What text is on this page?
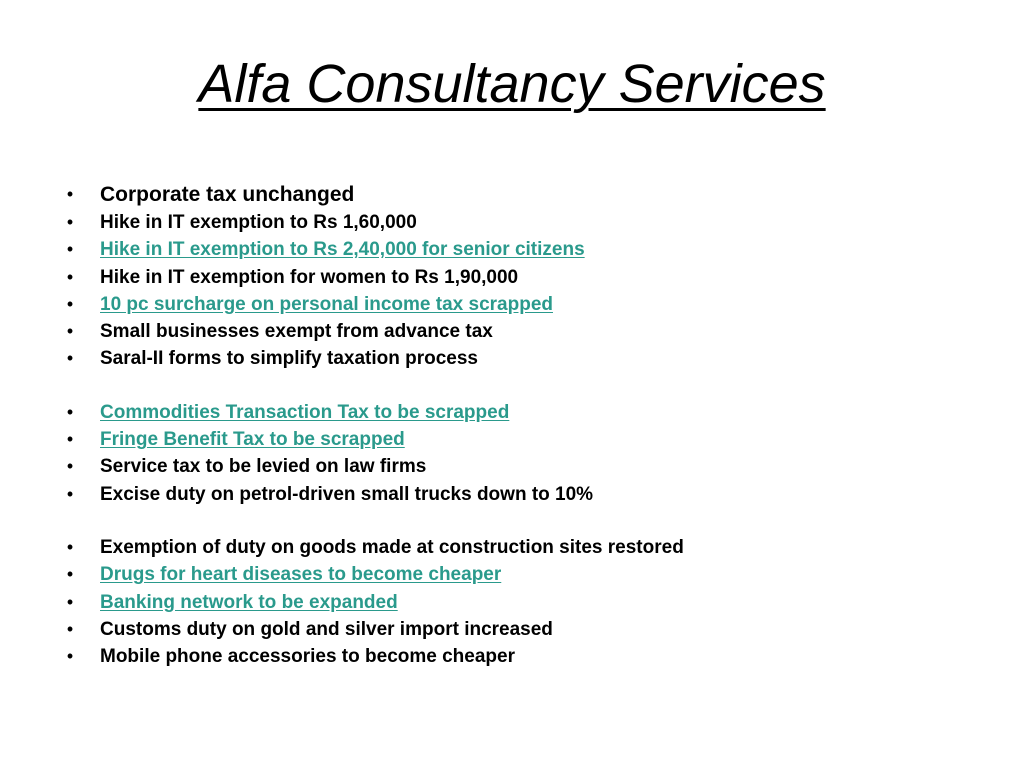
Alfa Consultancy Services
•	Corporate tax unchanged
•	Hike in IT exemption to Rs 1,60,000
•	Hike in IT exemption to Rs 2,40,000 for senior citizens
•	Hike in IT exemption for women to Rs 1,90,000
•	10 pc surcharge on personal income tax scrapped
•	Small businesses exempt from advance tax
•	Saral-II forms to simplify taxation process
•	Commodities Transaction Tax to be scrapped
•	Fringe Benefit Tax to be scrapped
•	Service tax to be levied on law firms
•	Excise duty on petrol-driven small trucks down to 10%
•	Exemption of duty on goods made at construction sites restored
•	Drugs for heart diseases to become cheaper
•	Banking network to be expanded
•	Customs duty on gold and silver import increased
•	Mobile phone accessories to become cheaper
